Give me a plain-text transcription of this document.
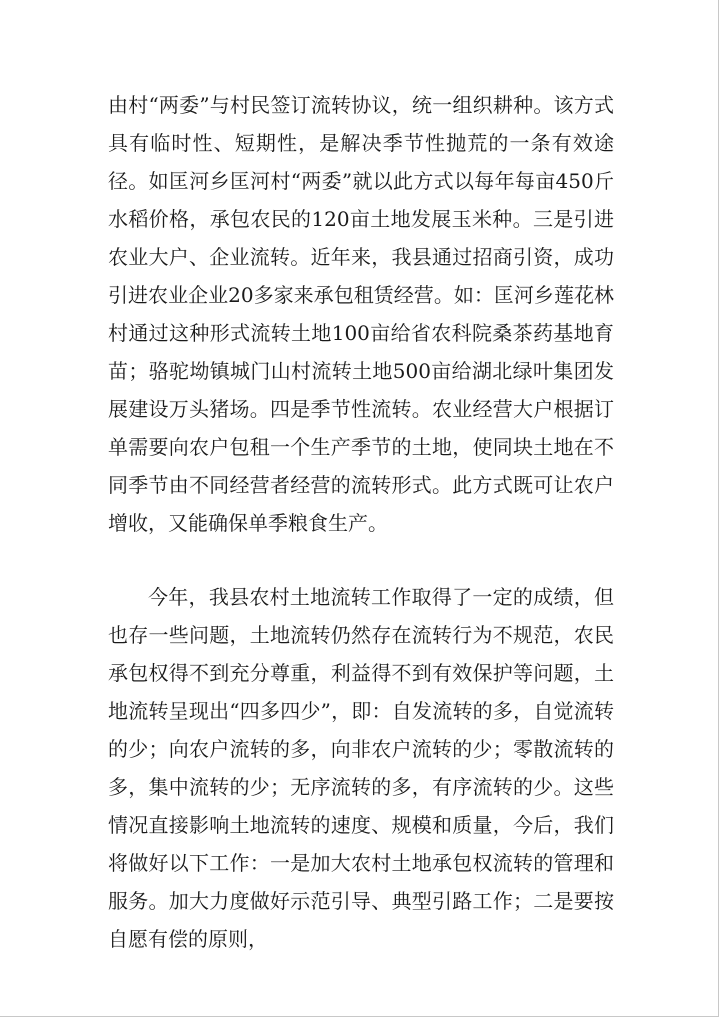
由村“两委”与村民签订流转协议，统一组织耕种。该方式具有临时性、短期性，是解决季节性抛荒的一条有效途径。如匡河乡匡河村“两委”就以此方式以每年每亩450斤水稻价格，承包农民的120亩土地发展玉米种。三是引进农业大户、企业流转。近年来，我县通过招商引资，成功引进农业企业20多家来承包租赁经营。如：匡河乡莲花林村通过这种形式流转土地100亩给省农科院桑茶药基地育苗；骆驼坳镇城门山村流转土地500亩给湖北绿叶集团发展建设万头猪场。四是季节性流转。农业经营大户根据订单需要向农户包租一个生产季节的土地，使同块土地在不同季节由不同经营者经营的流转形式。此方式既可让农户增收，又能确保单季粮食生产。

今年，我县农村土地流转工作取得了一定的成绩，但也存一些问题，土地流转仍然存在流转行为不规范，农民承包权得不到充分尊重，利益得不到有效保护等问题，土地流转呈现出“四多四少”，即：自发流转的多，自觉流转的少；向农户流转的多，向非农户流转的少；零散流转的多，集中流转的少；无序流转的多，有序流转的少。这些情况直接影响土地流转的速度、规模和质量，今后，我们将做好以下工作：一是加大农村土地承包权流转的管理和服务。加大力度做好示范引导、典型引路工作；二是要按自愿有偿的原则，
